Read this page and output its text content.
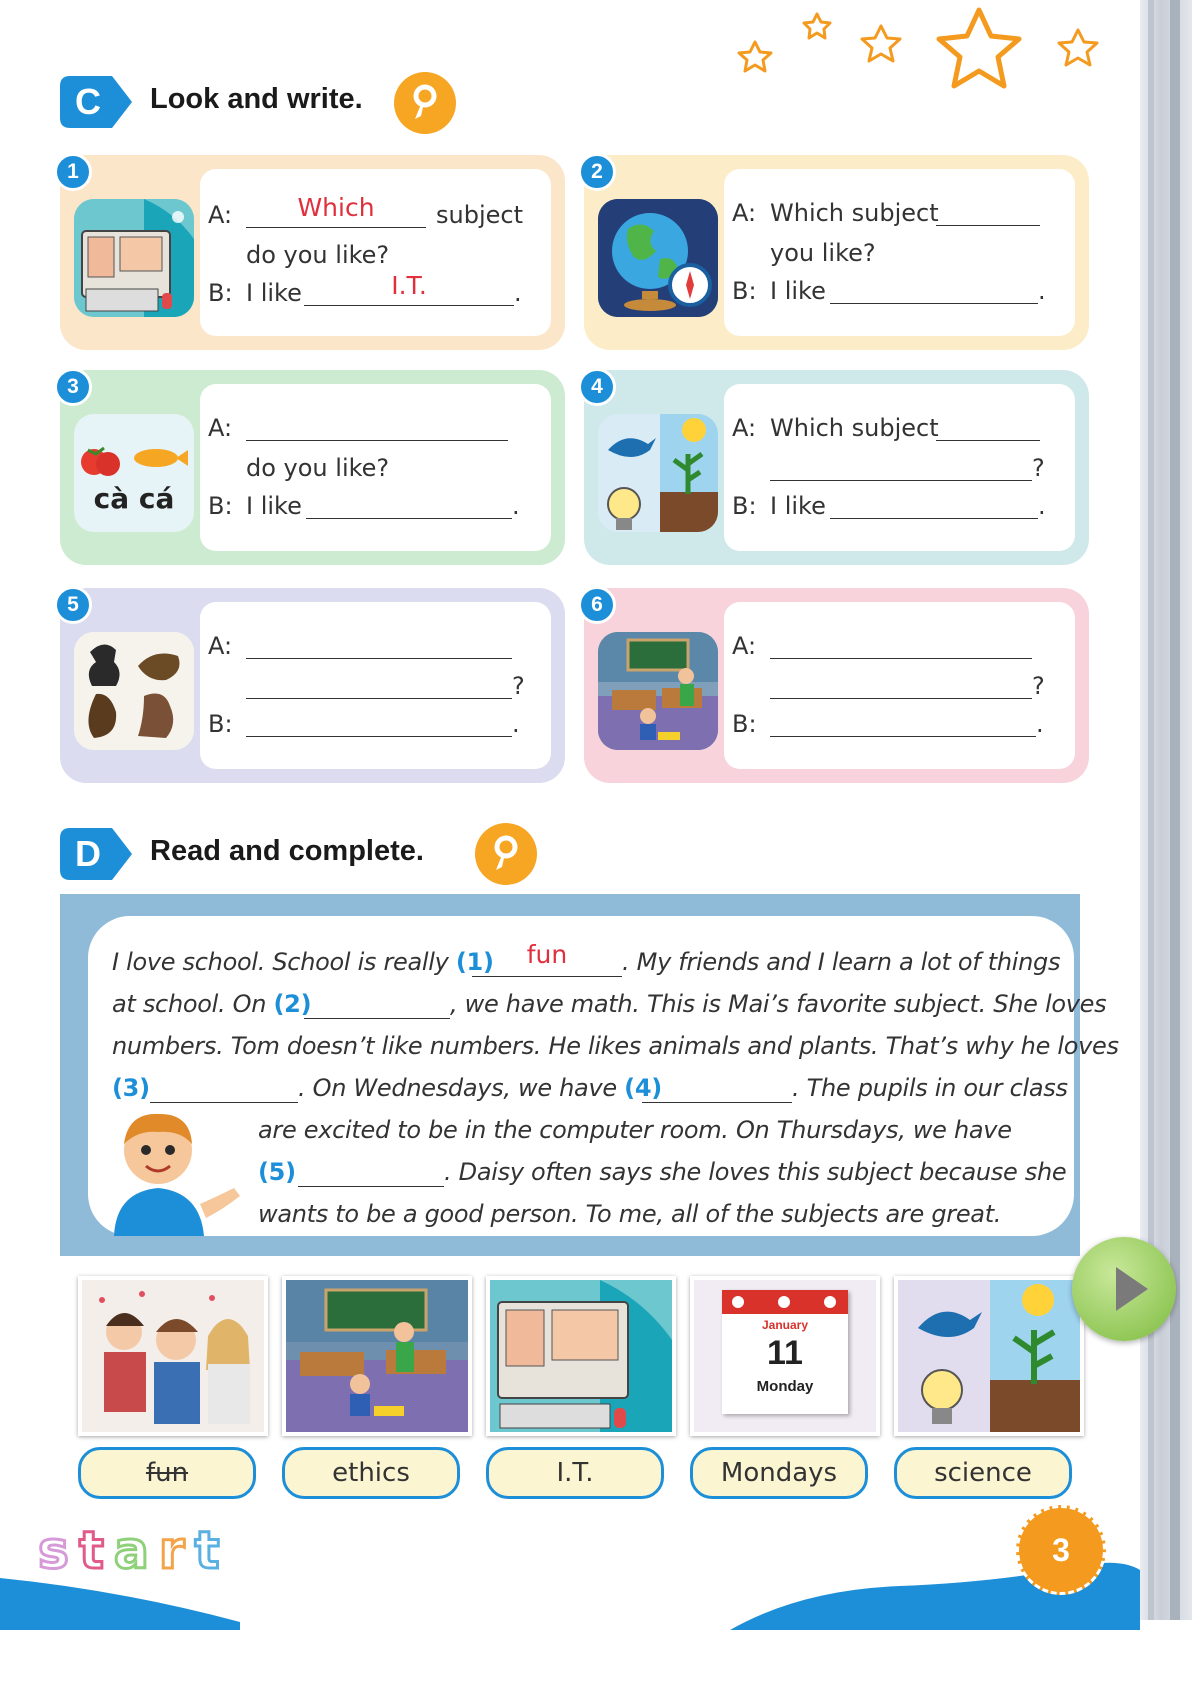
C Look and write.
1
A:	Which	subject
do you like?
B: I like	I.T.	.
2
A: Which subject
you like?
B: I like	.
3
cà cá
A:
do you like?
B: I like	.
4
A: Which subject
?
B: I like	.
5
A:
?
B:	.
6
A:
?
B:	.
D Read and complete.
I love school. School is really (1)	fun	. My friends and I learn a lot of things
at school. On (2)	, we have math. This is Mai’s favorite subject. She loves
numbers. Tom doesn’t like numbers. He likes animals and plants. That’s why he loves
(3)	. On Wednesdays, we have (4)	. The pupils in our class
are excited to be in the computer room. On Thursdays, we have
(5)	. Daisy often says she loves this subject because she
wants to be a good person. To me, all of the subjects are great.
January
11
Monday
fun	ethics	I.T.	Mondays	science
start	3
